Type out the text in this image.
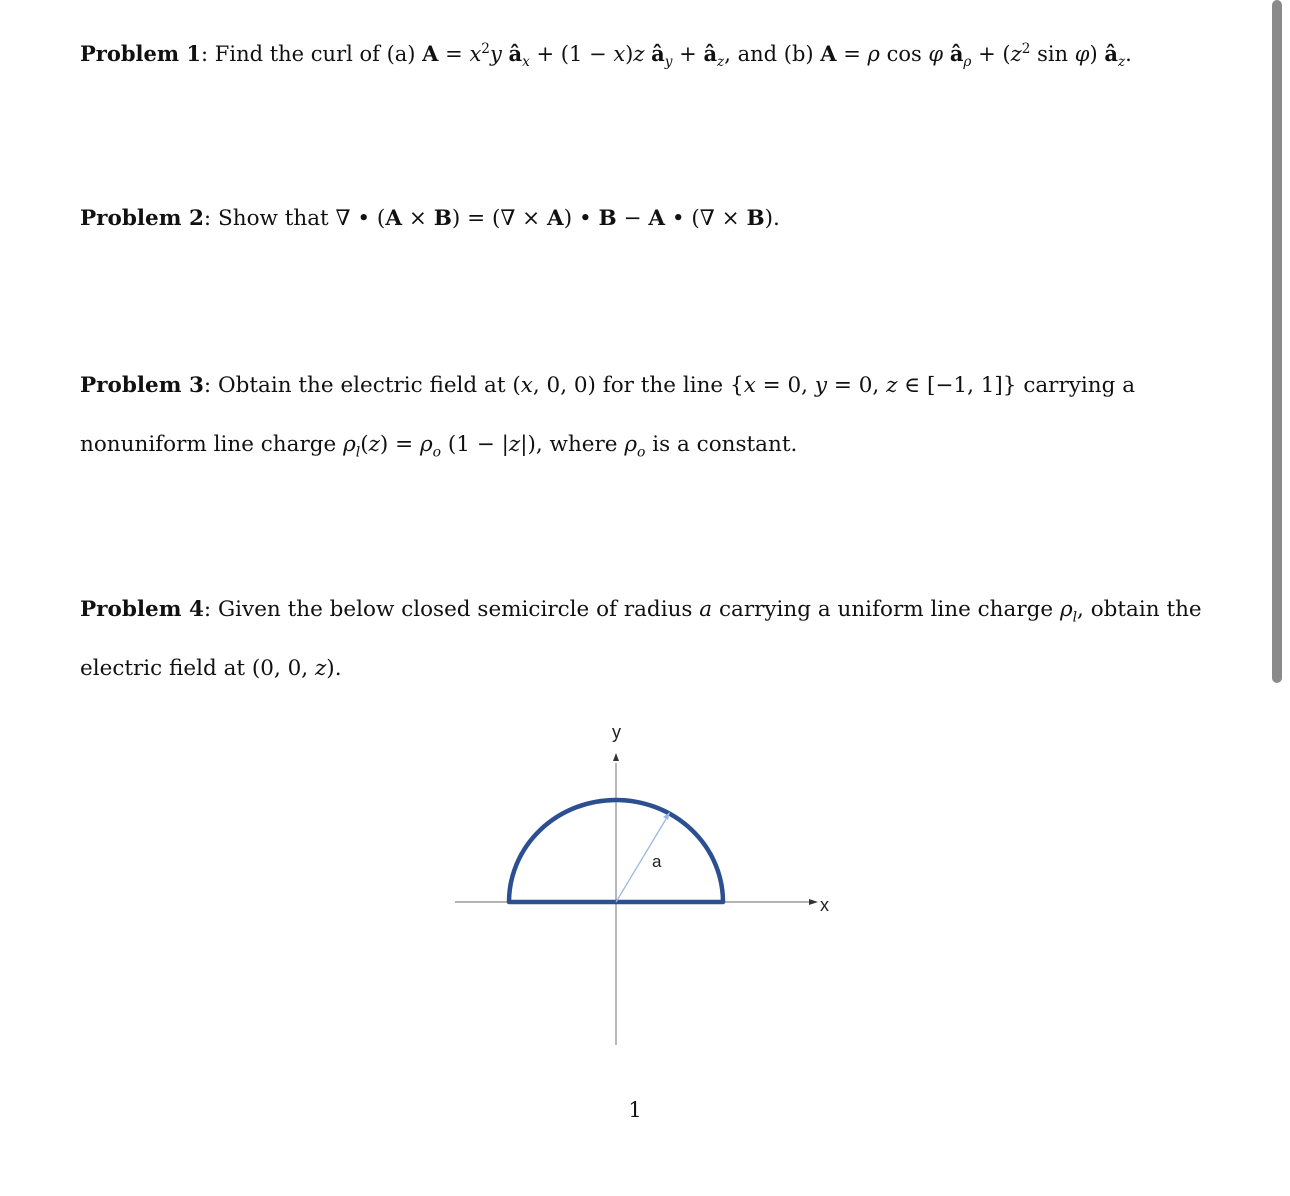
Problem 1: Find the curl of (a) $A = x^2y$ $â_x + (1 - x)z$ $â_y$ + $â_z$, and (b) A = ρ cos φ $â_\rho + (z^2$ sin φ) $â_z$.
Problem 2: Show that ∇ • (A × B) = (∇ × A) • B − A • (∇ × B).
Problem 3: Obtain the electric field at (x, 0, 0) for the line {x = 0, y = 0, z ∈ [−1, 1]} carrying a
nonuniform line charge $\rho_l(z) = \rho_o$ (1 − |z|), where $\rho_o$ is a constant.
Problem 4: Given the below closed semicircle of radius a carrying a uniform line charge $\rho_l$, obtain the
electric field at (0, 0, z).
a
x
y
1
